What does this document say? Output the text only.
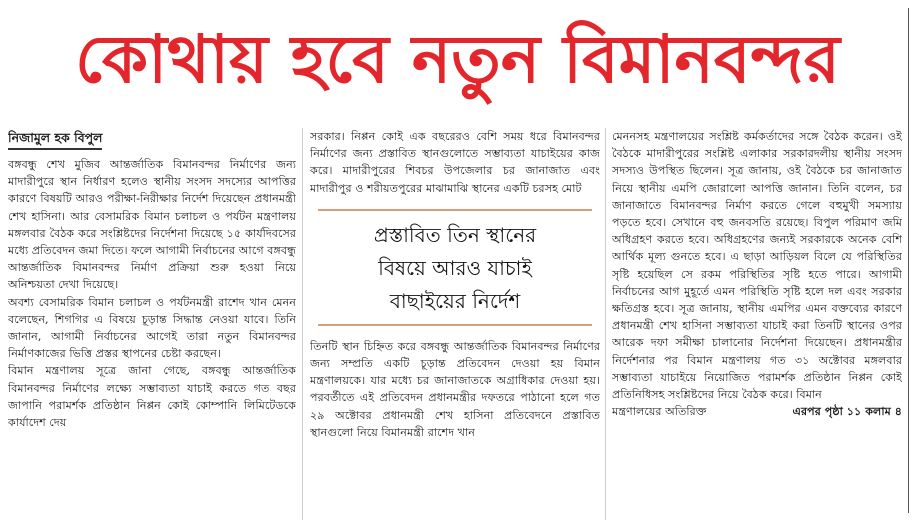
কোথায় হবে নতুন বিমানবন্দর
নিজামুল হক বিপুল

বঙ্গবন্ধু শেখ মুজিব আন্তর্জাতিক বিমানবন্দর নির্মাণের জন্য মাদারীপুরে স্থান নির্ধারণ হলেও স্থানীয় সংসদ সদস্যের আপত্তির কারণে বিষয়টি আরও পরীক্ষা-নিরীক্ষার নির্দেশ দিয়েছেন প্রধানমন্ত্রী শেখ হাসিনা। আর বেসামরিক বিমান চলাচল ও পর্যটন মন্ত্রণালয় মঙ্গলবার বৈঠক করে সংশ্লিষ্টদের নির্দেশনা দিয়েছে ১৫ কার্যদিবসের মধ্যে প্রতিবেদন জমা দিতে। ফলে আগামী নির্বাচনের আগে বঙ্গবন্ধু আন্তর্জাতিক বিমানবন্দর নির্মাণ প্রক্রিয়া শুরু হওয়া নিয়ে অনিশ্চয়তা দেখা দিয়েছে।

অবশ্য বেসামরিক বিমান চলাচল ও পর্যটনমন্ত্রী রাশেদ খান মেনন বলেছেন, শিগগির এ বিষয়ে চূড়ান্ত সিদ্ধান্ত নেওয়া যাবে। তিনি জানান, আগামী নির্বাচনের আগেই তারা নতুন বিমানবন্দর নির্মাণকাজের ভিত্তি প্রস্তর স্থাপনের চেষ্টা করছেন।

বিমান মন্ত্রণালয় সূত্রে জানা গেছে, বঙ্গবন্ধু আন্তর্জাতিক বিমানবন্দর নির্মাণের লক্ষ্যে সম্ভাব্যতা যাচাই করতে গত বছর জাপানি পরামর্শক প্রতিষ্ঠান নিপ্পন কোই কোম্পানি লিমিটেডকে কার্যাদেশ দেয়

সরকার। নিপ্পন কোই এক বছরেরও বেশি সময় ধরে বিমানবন্দর নির্মাণের জন্য প্রস্তাবিত স্থানগুলোতে সম্ভাব্যতা যাচাইয়ের কাজ করে। মাদারীপুরের শিবচর উপজেলার চর জানাজাত এবং মাদারীপুর ও শরীয়তপুরের মাঝামাঝি স্থানের একটি চরসহ মোট

প্রস্তাবিত তিন স্থানের
বিষয়ে আরও যাচাই
বাছাইয়ের নির্দেশ

তিনটি স্থান চিহ্নিত করে বঙ্গবন্ধু আন্তর্জাতিক বিমানবন্দর নির্মাণের জন্য সম্প্রতি একটি চূড়ান্ত প্রতিবেদন দেওয়া হয় বিমান মন্ত্রণালয়কে। যার মধ্যে চর জানাজাতকে অগ্রাধিকার দেওয়া হয়। পরবর্তীতে এই প্রতিবেদন প্রধানমন্ত্রীর দফতরে পাঠানো হলে গত ২৯ অক্টোবর প্রধানমন্ত্রী শেখ হাসিনা প্রতিবেদনে প্রস্তাবিত স্থানগুলো নিয়ে বিমানমন্ত্রী রাশেদ খান

মেননসহ মন্ত্রণালয়ের সংশ্লিষ্ট কর্মকর্তাদের সঙ্গে বৈঠক করেন। ওই বৈঠকে মাদারীপুরের সংশ্লিষ্ট এলাকার সরকারদলীয় স্থানীয় সংসদ সদস্যও উপস্থিত ছিলেন। সূত্র জানায়, ওই বৈঠকে চর জানাজাত নিয়ে স্থানীয় এমপি জোরালো আপত্তি জানান। তিনি বলেন, চর জানাজাতে বিমানবন্দর নির্মাণ করতে গেলে বহুমুখী সমস্যায় পড়তে হবে। সেখানে বহু জনবসতি রয়েছে। বিপুল পরিমাণ জমি অধিগ্রহণ করতে হবে। অধিগ্রহণের জন্যই সরকারকে অনেক বেশি আর্থিক মূল্য গুনতে হবে। এ ছাড়া আড়িয়ল বিলে যে পরিস্থিতির সৃষ্টি হয়েছিল সে রকম পরিস্থিতির সৃষ্টি হতে পারে। আগামী নির্বাচনের আগ মুহূর্তে এমন পরিস্থিতি সৃষ্টি হলে দল এবং সরকার ক্ষতিগ্রস্ত হবে। সূত্র জানায়, স্থানীয় এমপির এমন বক্তব্যের কারণে প্রধানমন্ত্রী শেখ হাসিনা সম্ভাব্যতা যাচাই করা তিনটি স্থানের ওপর আরেক দফা সমীক্ষা চালানোর নির্দেশনা দিয়েছেন। প্রধানমন্ত্রীর নির্দেশনার পর বিমান মন্ত্রণালয় গত ৩১ অক্টোবর মঙ্গলবার সম্ভাব্যতা যাচাইয়ে নিয়োজিত পরামর্শক প্রতিষ্ঠান নিপ্পন কোই প্রতিনিধিসহ সংশ্লিষ্টদের নিয়ে বৈঠক করে। বিমান

মন্ত্রণালয়ের অতিরিক্ত	এরপর পৃষ্ঠা ১১ কলাম ৪
